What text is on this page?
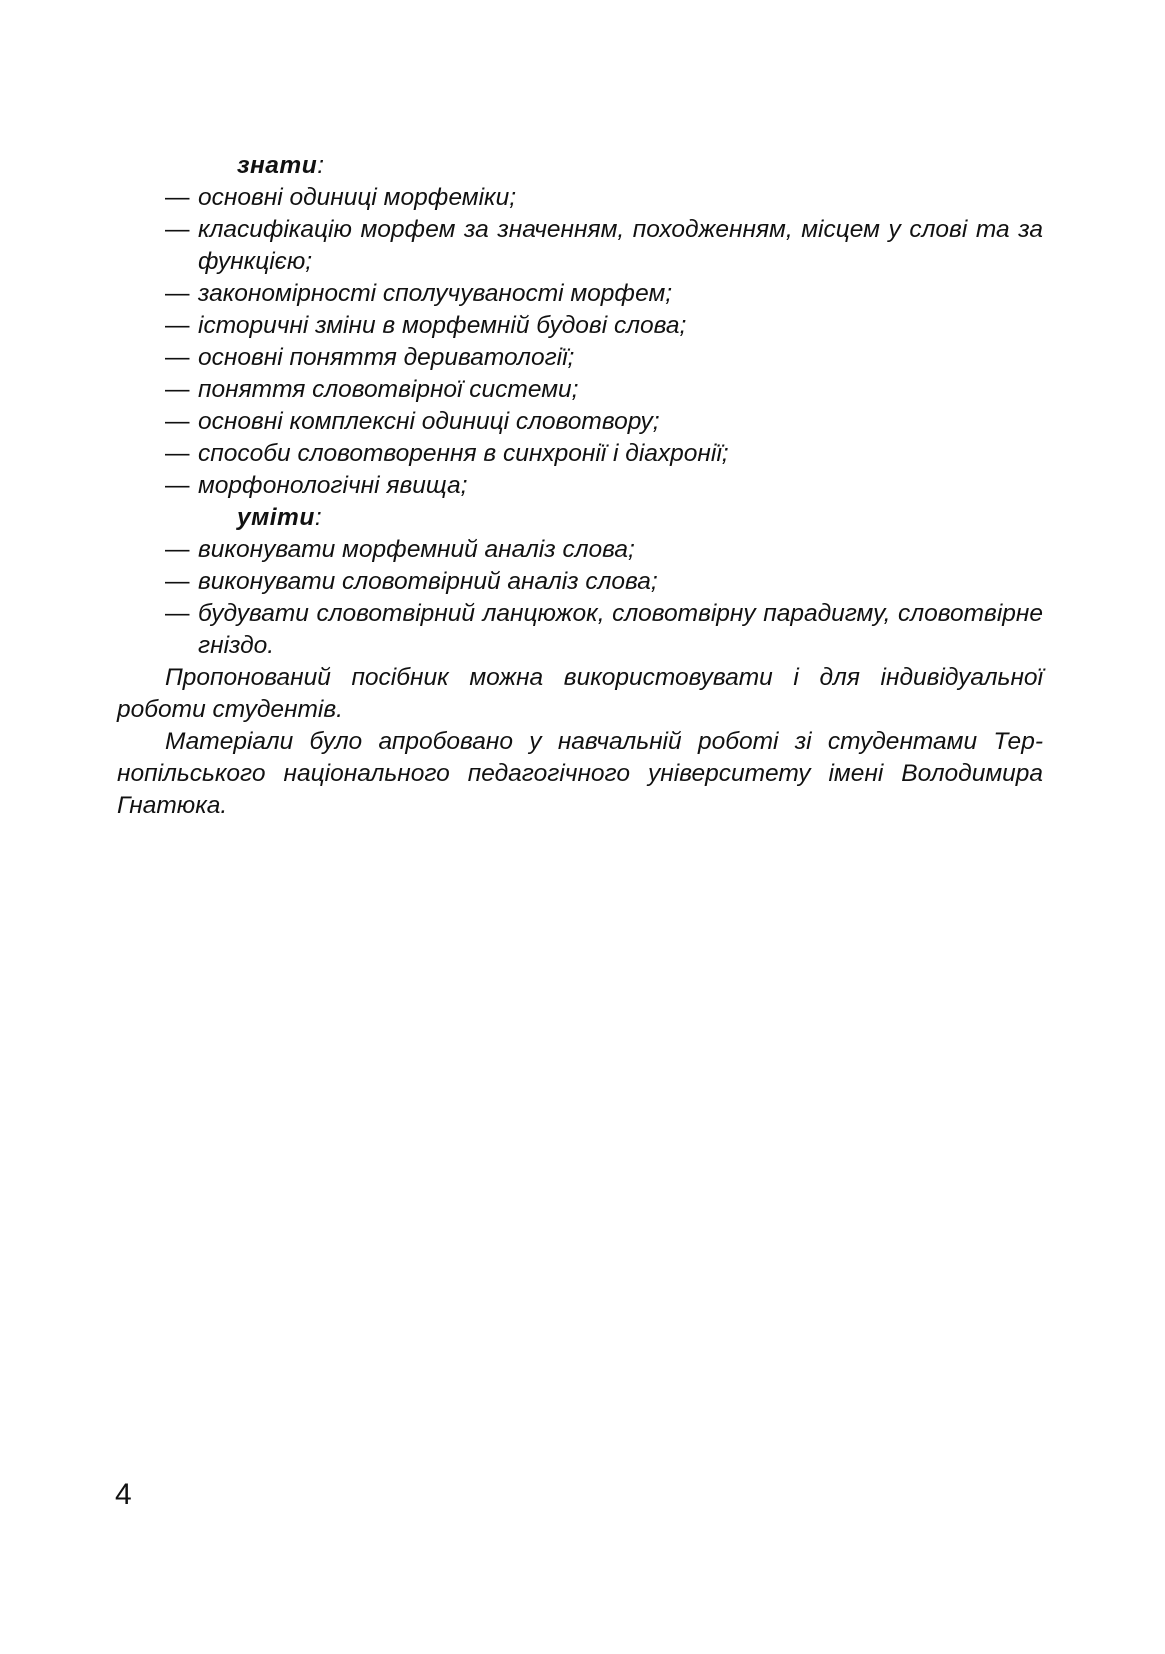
знати:
— основні одиниці морфеміки;
— класифікацію морфем за значенням, походженням, місцем у слові та за функцією;
— закономірності сполучуваності морфем;
— історичні зміни в морфемній будові слова;
— основні поняття дериватології;
— поняття словотвірної системи;
— основні комплексні одиниці словотвору;
— способи словотворення в синхронії і діахронії;
— морфонологічні явища;
уміти:
— виконувати морфемний аналіз слова;
— виконувати словотвірний аналіз слова;
— будувати словотвірний ланцюжок, словотвірну парадигму, словотвірне гніздо.

Пропонований посібник можна використовувати і для індивідуальної роботи студентів.

Матеріали було апробовано у навчальній роботі зі студентами Тернопільського національного педагогічного університету імені Володимира Гнатюка.

4
